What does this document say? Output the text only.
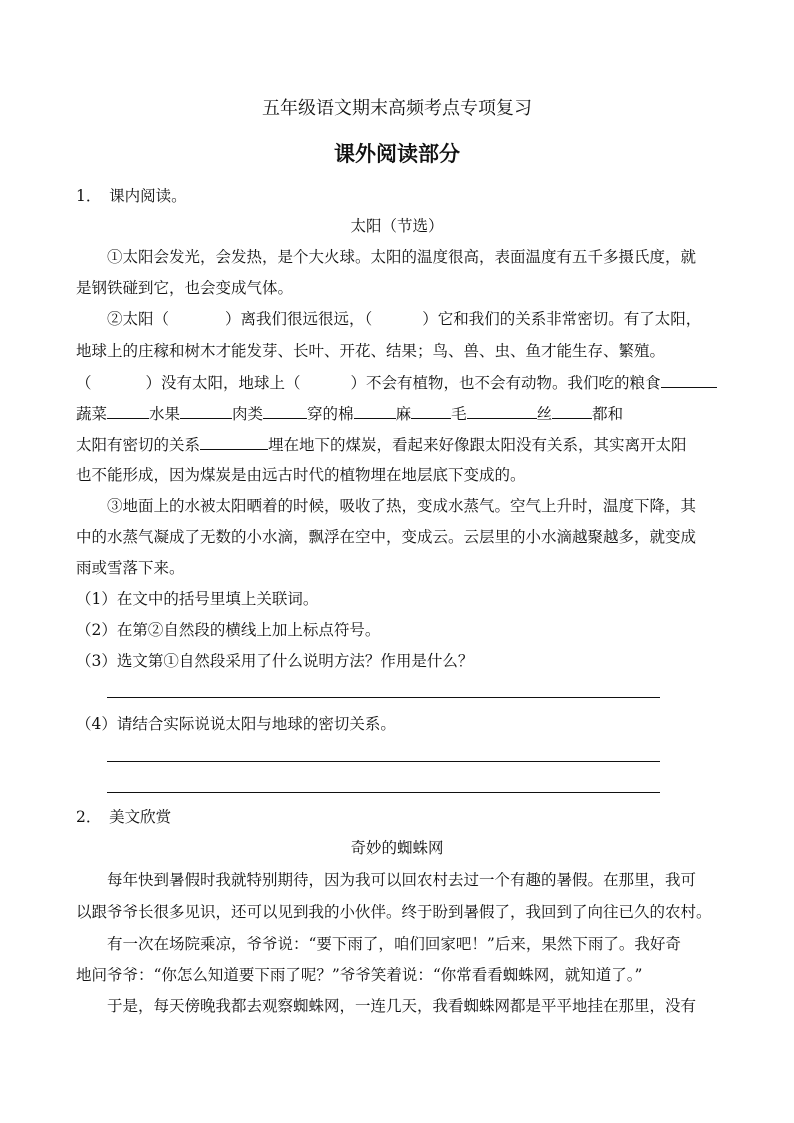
五年级语文期末高频考点专项复习
课外阅读部分
1．　课内阅读。
太阳（节选）
①太阳会发光，会发热，是个大火球。太阳的温度很高，表面温度有五千多摄氏度，就
是钢铁碰到它，也会变成气体。
②太阳（	）离我们很远很远，（	）它和我们的关系非常密切。有了太阳，
地球上的庄稼和树木才能发芽、长叶、开花、结果；鸟、兽、虫、鱼才能生存、繁殖。
（	）没有太阳，地球上（	）不会有植物，也不会有动物。我们吃的粮食
蔬菜	水果	肉类	穿的棉	麻	毛	丝	都和
太阳有密切的关系	埋在地下的煤炭，看起来好像跟太阳没有关系，其实离开太阳
也不能形成，因为煤炭是由远古时代的植物埋在地层底下变成的。
③地面上的水被太阳晒着的时候，吸收了热，变成水蒸气。空气上升时，温度下降，其
中的水蒸气凝成了无数的小水滴，飘浮在空中，变成云。云层里的小水滴越聚越多，就变成
雨或雪落下来。
（1）在文中的括号里填上关联词。
（2）在第②自然段的横线上加上标点符号。
（3）选文第①自然段采用了什么说明方法？作用是什么？
（4）请结合实际说说太阳与地球的密切关系。
2．　美文欣赏
奇妙的蜘蛛网
每年快到暑假时我就特别期待，因为我可以回农村去过一个有趣的暑假。在那里，我可
以跟爷爷长很多见识，还可以见到我的小伙伴。终于盼到暑假了，我回到了向往已久的农村。
有一次在场院乘凉，爷爷说：“要下雨了，咱们回家吧！”后来，果然下雨了。我好奇
地问爷爷：“你怎么知道要下雨了呢？”爷爷笑着说：“你常看看蜘蛛网，就知道了。”
于是，每天傍晚我都去观察蜘蛛网，一连几天，我看蜘蛛网都是平平地挂在那里，没有
